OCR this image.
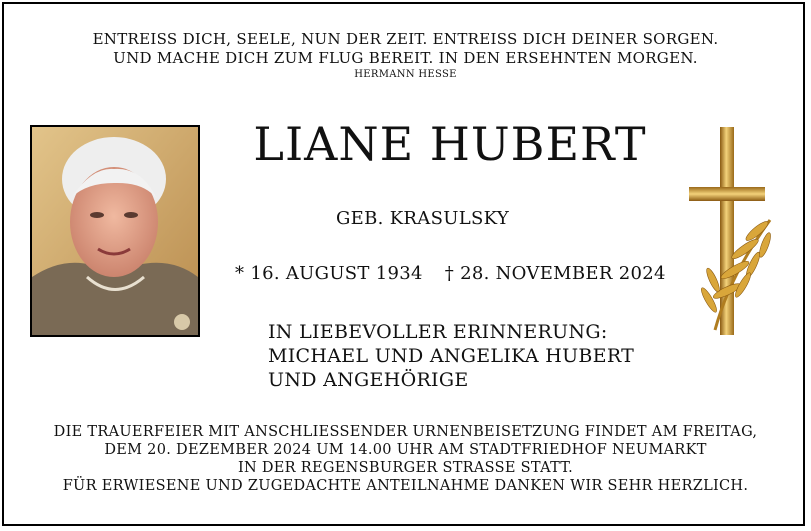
ENTREISS DICH, SEELE, NUN DER ZEIT. ENTREISS DICH DEINER SORGEN.
UND MACHE DICH ZUM FLUG BEREIT. IN DEN ERSEHNTEN MORGEN.
HERMANN HESSE
LIANE HUBERT
GEB. KRASULSKY
* 16. AUGUST 1934 † 28. NOVEMBER 2024
IN LIEBEVOLLER ERINNERUNG:
MICHAEL UND ANGELIKA HUBERT
UND ANGEHÖRIGE
DIE TRAUERFEIER MIT ANSCHLIESSENDER URNENBEISETZUNG FINDET AM FREITAG,
DEM 20. DEZEMBER 2024 UM 14.00 UHR AM STADTFRIEDHOF NEUMARKT
IN DER REGENSBURGER STRASSE STATT.
FÜR ERWIESENE UND ZUGEDACHTE ANTEILNAHME DANKEN WIR SEHR HERZLICH.
